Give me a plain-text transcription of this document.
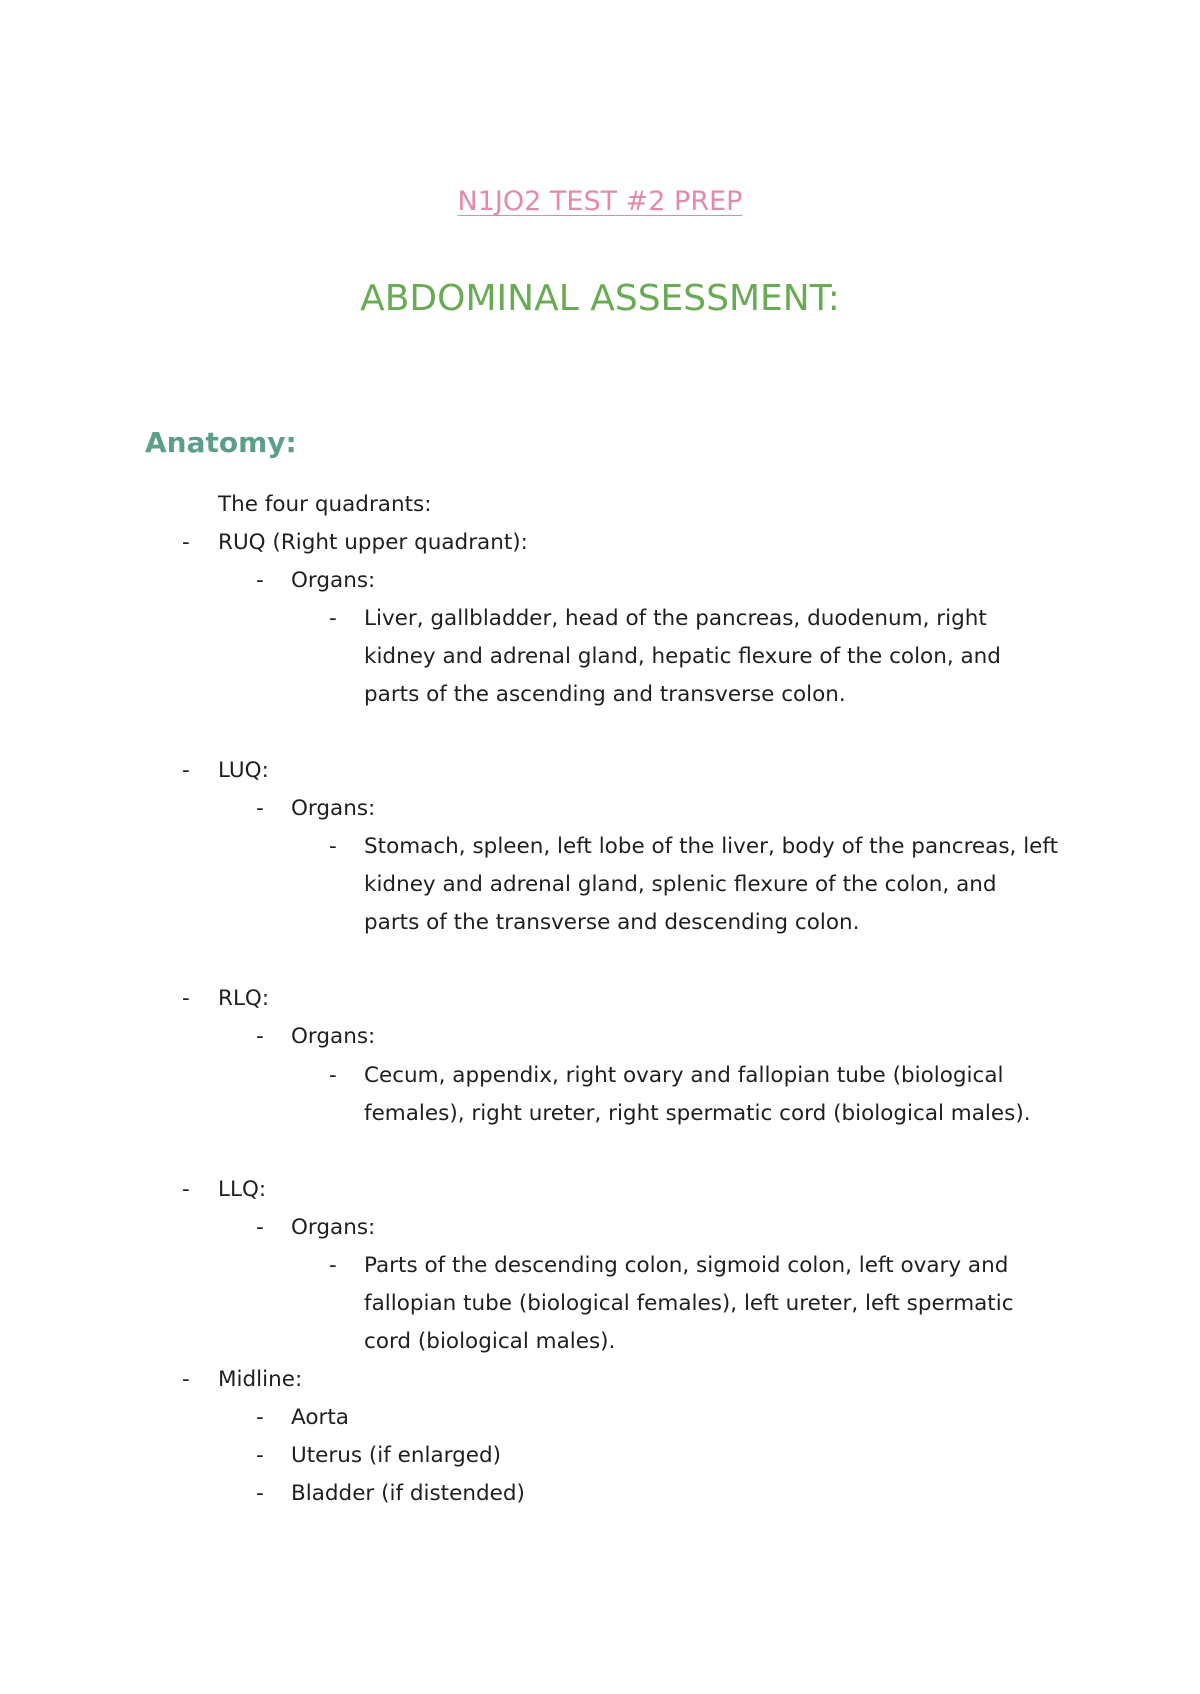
N1JO2 TEST #2 PREP
ABDOMINAL ASSESSMENT:
Anatomy:
The four quadrants:
- RUQ (Right upper quadrant):
- Organs:
- Liver, gallbladder, head of the pancreas, duodenum, right
kidney and adrenal gland, hepatic flexure of the colon, and
parts of the ascending and transverse colon.
- LUQ:
- Organs:
- Stomach, spleen, left lobe of the liver, body of the pancreas, left
kidney and adrenal gland, splenic flexure of the colon, and
parts of the transverse and descending colon.
- RLQ:
- Organs:
- Cecum, appendix, right ovary and fallopian tube (biological
females), right ureter, right spermatic cord (biological males).
- LLQ:
- Organs:
- Parts of the descending colon, sigmoid colon, left ovary and
fallopian tube (biological females), left ureter, left spermatic
cord (biological males).
- Midline:
- Aorta
- Uterus (if enlarged)
- Bladder (if distended)
